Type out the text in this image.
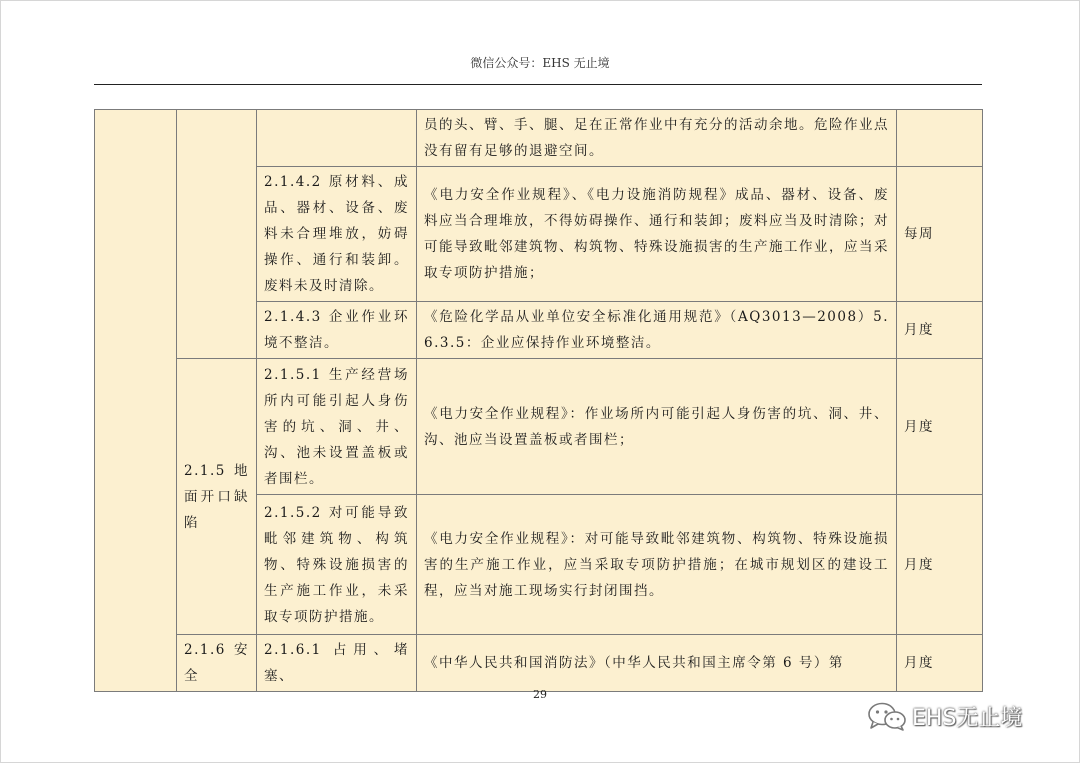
微信公众号：EHS 无止境
			员的头、臂、手、腿、足在正常作业中有充分的活动余地。危险作业点没有留有足够的退避空间。	
		2.1.4.2 原材料、成品、器材、设备、废料未合理堆放，妨碍操作、通行和装卸。废料未及时清除。	《电力安全作业规程》、《电力设施消防规程》成品、器材、设备、废料应当合理堆放，不得妨碍操作、通行和装卸；废料应当及时清除；对可能导致毗邻建筑物、构筑物、特殊设施损害的生产施工作业，应当采取专项防护措施；	每周
		2.1.4.3 企业作业环境不整洁。	《危险化学品从业单位安全标准化通用规范》（AQ3013—2008）5.6.3.5：企业应保持作业环境整洁。	月度
	2.1.5 地面开口缺陷	2.1.5.1 生产经营场所内可能引起人身伤害的坑、洞、井、沟、池未设置盖板或者围栏。	《电力安全作业规程》：作业场所内可能引起人身伤害的坑、洞、井、沟、池应当设置盖板或者围栏；	月度
		2.1.5.2 对可能导致毗邻建筑物、构筑物、特殊设施损害的生产施工作业，未采取专项防护措施。	《电力安全作业规程》：对可能导致毗邻建筑物、构筑物、特殊设施损害的生产施工作业，应当采取专项防护措施；在城市规划区的建设工程，应当对施工现场实行封闭围挡。	月度
	2.1.6 安全	2.1.6.1 占用、堵塞、	《中华人民共和国消防法》（中华人民共和国主席令第 6 号）第	月度
29
EHS无止境
